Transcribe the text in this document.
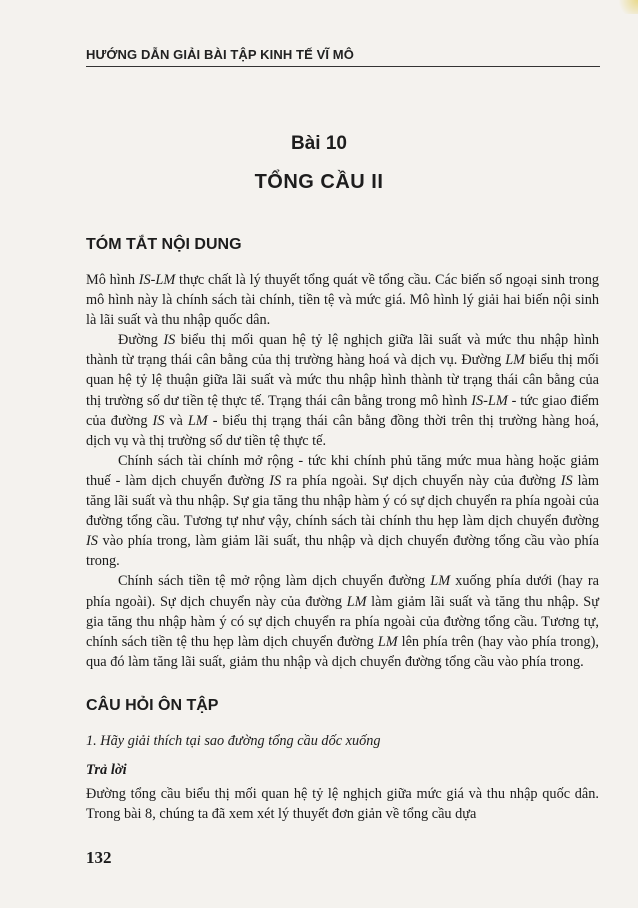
HƯỚNG DẪN GIẢI BÀI TẬP KINH TẾ VĨ MÔ
Bài 10
TỔNG CẦU II
TÓM TẮT NỘI DUNG

Mô hình IS-LM thực chất là lý thuyết tổng quát về tổng cầu. Các biến số ngoại sinh trong mô hình này là chính sách tài chính, tiền tệ và mức giá. Mô hình lý giải hai biến nội sinh là lãi suất và thu nhập quốc dân.

Đường IS biểu thị mối quan hệ tỷ lệ nghịch giữa lãi suất và mức thu nhập hình thành từ trạng thái cân bằng của thị trường hàng hoá và dịch vụ. Đường LM biểu thị mối quan hệ tỷ lệ thuận giữa lãi suất và mức thu nhập hình thành từ trạng thái cân bằng của thị trường số dư tiền tệ thực tế. Trạng thái cân bằng trong mô hình IS-LM - tức giao điểm của đường IS và LM - biểu thị trạng thái cân bằng đồng thời trên thị trường hàng hoá, dịch vụ và thị trường số dư tiền tệ thực tế.

Chính sách tài chính mở rộng - tức khi chính phủ tăng mức mua hàng hoặc giảm thuế - làm dịch chuyển đường IS ra phía ngoài. Sự dịch chuyển này của đường IS làm tăng lãi suất và thu nhập. Sự gia tăng thu nhập hàm ý có sự dịch chuyển ra phía ngoài của đường tổng cầu. Tương tự như vậy, chính sách tài chính thu hẹp làm dịch chuyển đường IS vào phía trong, làm giảm lãi suất, thu nhập và dịch chuyển đường tổng cầu vào phía trong.

Chính sách tiền tệ mở rộng làm dịch chuyển đường LM xuống phía dưới (hay ra phía ngoài). Sự dịch chuyển này của đường LM làm giảm lãi suất và tăng thu nhập. Sự gia tăng thu nhập hàm ý có sự dịch chuyển ra phía ngoài của đường tổng cầu. Tương tự, chính sách tiền tệ thu hẹp làm dịch chuyển đường LM lên phía trên (hay vào phía trong), qua đó làm tăng lãi suất, giảm thu nhập và dịch chuyển đường tổng cầu vào phía trong.

CÂU HỎI ÔN TẬP
1. Hãy giải thích tại sao đường tổng cầu dốc xuống
Trả lời

Đường tổng cầu biểu thị mối quan hệ tỷ lệ nghịch giữa mức giá và thu nhập quốc dân. Trong bài 8, chúng ta đã xem xét lý thuyết đơn giản về tổng cầu dựa

132
